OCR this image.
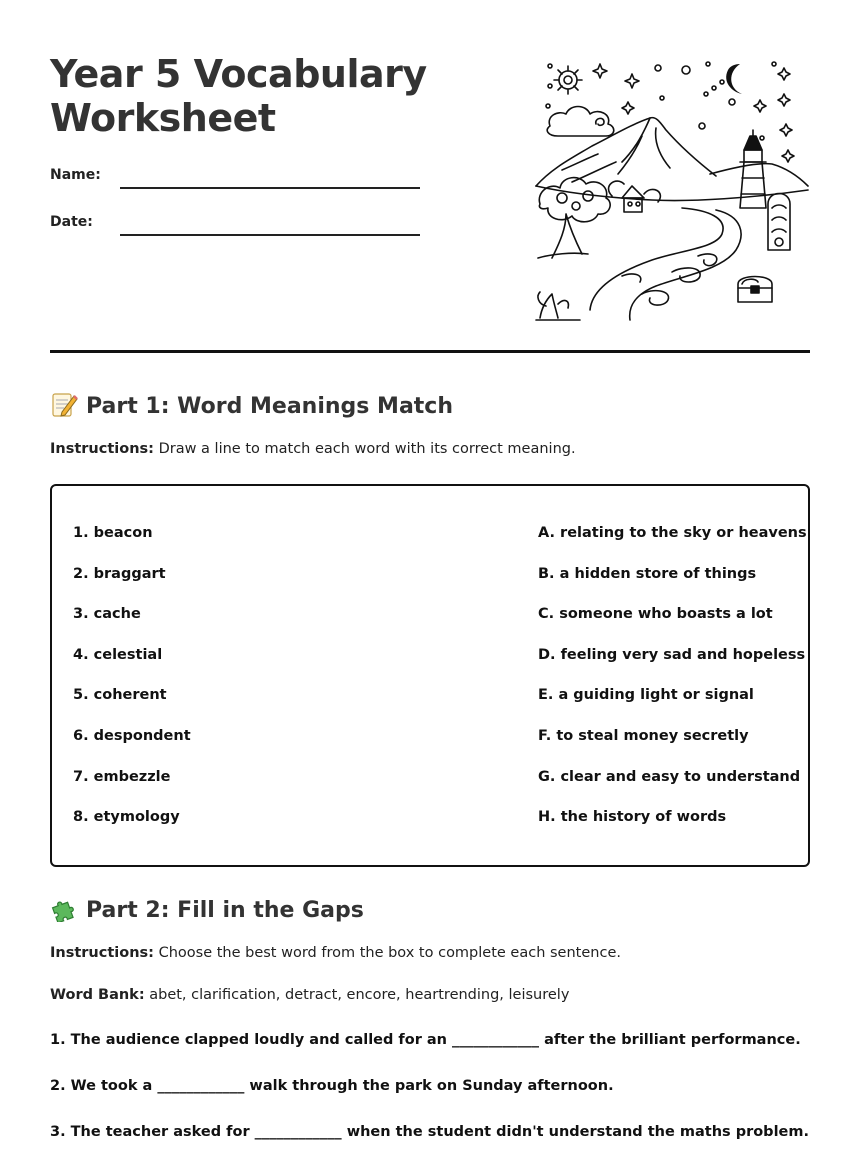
Year 5 Vocabulary
Worksheet
Name:
Date:
Part 1: Word Meanings Match
Instructions: Draw a line to match each word with its correct meaning.
1. beacon
2. braggart
3. cache
4. celestial
5. coherent
6. despondent
7. embezzle
8. etymology
A. relating to the sky or heavens
B. a hidden store of things
C. someone who boasts a lot
D. feeling very sad and hopeless
E. a guiding light or signal
F. to steal money secretly
G. clear and easy to understand
H. the history of words
Part 2: Fill in the Gaps
Instructions: Choose the best word from the box to complete each sentence.
Word Bank: abet, clarification, detract, encore, heartrending, leisurely
1. The audience clapped loudly and called for an ____________ after the brilliant performance.
2. We took a ____________ walk through the park on Sunday afternoon.
3. The teacher asked for ____________ when the student didn't understand the maths problem.
